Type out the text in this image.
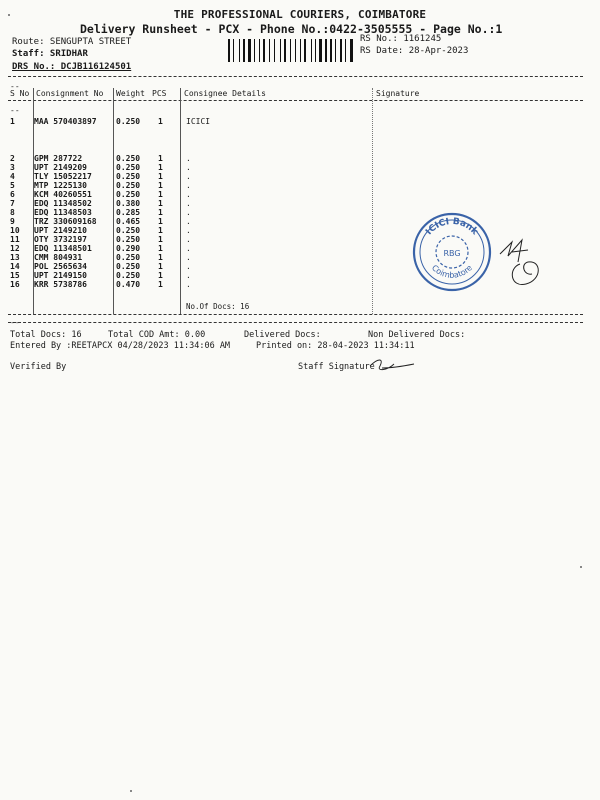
THE PROFESSIONAL COURIERS, COIMBATORE
Delivery Runsheet - PCX - Phone No.:0422-3505555 - Page No.:1
Route: SENGUPTA STREET
Staff: SRIDHAR
DRS No.: DCJB116124501
RS No.: 1161245
RS Date: 28-Apr-2023
S No Consignment No Weight PCS Consignee Details	Signature
--
--
1 MAA 570403897 0.250 1	ICICI
2 GPM 287722	0.250 1	.
3 UPT 2149209	0.250 1	.
4 TLY 15052217	0.250 1	.
5 MTP 1225130	0.250 1	.
6 KCM 40260551	0.250 1	.
7 EDQ 11348502	0.380 1	.
8 EDQ 11348503	0.285 1	.
9 TRZ 330609168 0.465 1	.
10 UPT 2149210	0.250 1	.
11 OTY 3732197	0.250 1	.
12 EDQ 11348501	0.290 1	.
13 CMM 804931	0.250 1	.
14 POL 2565634	0.250 1	.
15 UPT 2149150	0.250 1	.
16 KRR 5738786	0.470 1	.
No.Of Docs: 16
ICICI Bank
Coimbatore
RBG
--
Total Docs: 16	Total COD Amt: 0.00	Delivered Docs:	Non Delivered Docs:
Entered By :REETAPCX 04/28/2023 11:34:06 AM	Printed on: 28-04-2023 11:34:11
Verified By	Staff Signature
